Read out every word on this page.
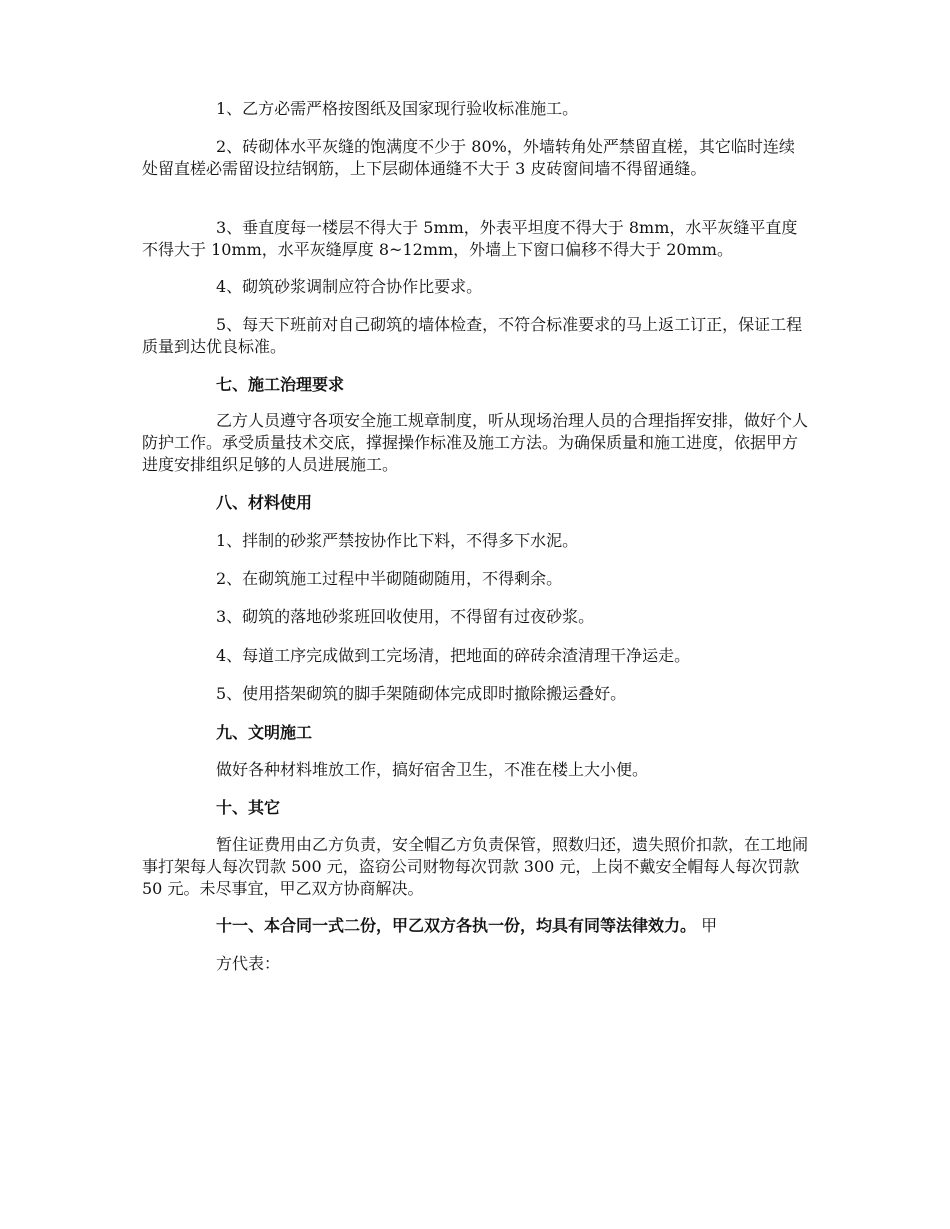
1、乙方必需严格按图纸及国家现行验收标准施工。

2、砖砌体水平灰缝的饱满度不少于 80%，外墙转角处严禁留直槎，其它临时连续处留直槎必需留设拉结钢筋，上下层砌体通缝不大于 3 皮砖窗间墙不得留通缝。

3、垂直度每一楼层不得大于 5mm，外表平坦度不得大于 8mm，水平灰缝平直度不得大于 10mm，水平灰缝厚度 8~12mm，外墙上下窗口偏移不得大于 20mm。

4、砌筑砂浆调制应符合协作比要求。

5、每天下班前对自己砌筑的墙体检查，不符合标准要求的马上返工订正，保证工程质量到达优良标准。

七、施工治理要求

乙方人员遵守各项安全施工规章制度，听从现场治理人员的合理指挥安排，做好个人防护工作。承受质量技术交底，撑握操作标准及施工方法。为确保质量和施工进度，依据甲方进度安排组织足够的人员进展施工。

八、材料使用

1、拌制的砂浆严禁按协作比下料，不得多下水泥。

2、在砌筑施工过程中半砌随砌随用，不得剩余。

3、砌筑的落地砂浆班回收使用，不得留有过夜砂浆。

4、每道工序完成做到工完场清，把地面的碎砖余渣清理干净运走。

5、使用搭架砌筑的脚手架随砌体完成即时撤除搬运叠好。

九、文明施工

做好各种材料堆放工作，搞好宿舍卫生，不准在楼上大小便。

十、其它

暂住证费用由乙方负责，安全帽乙方负责保管，照数归还，遗失照价扣款，在工地闹事打架每人每次罚款 500 元，盗窃公司财物每次罚款 300 元，上岗不戴安全帽每人每次罚款 50 元。未尽事宜，甲乙双方协商解决。

十一、本合同一式二份，甲乙双方各执一份，均具有同等法律效力。 甲

方代表：
